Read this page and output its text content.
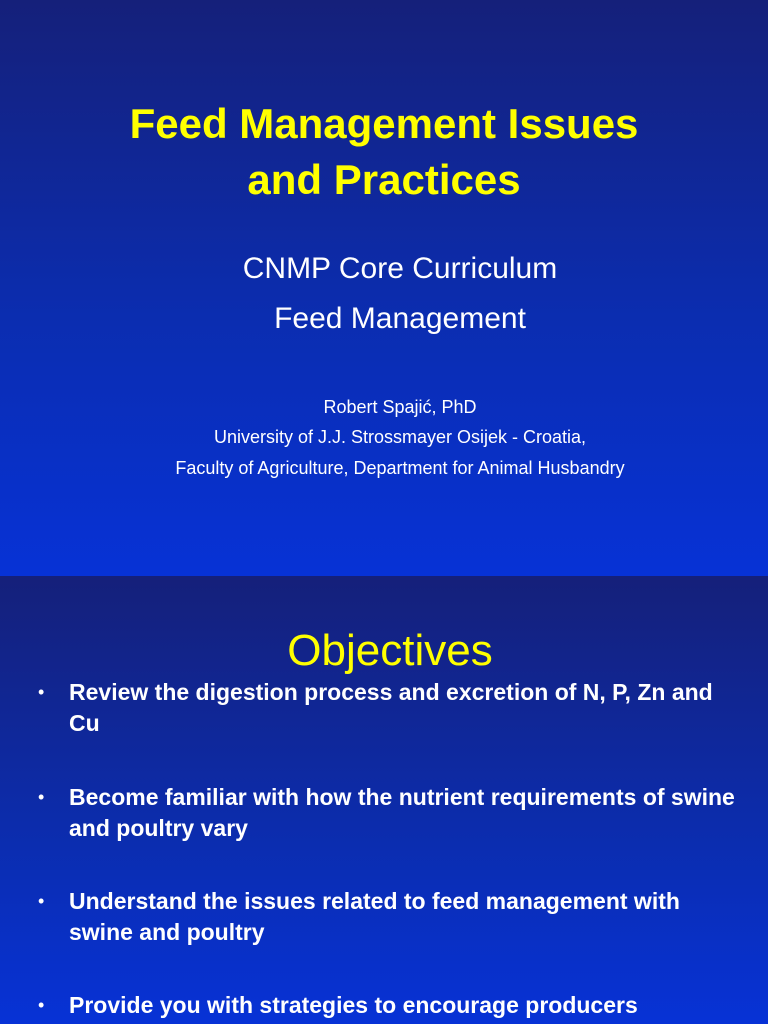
Feed Management Issues
and Practices

CNMP Core Curriculum

Feed Management

Robert Spajić, PhD

University of J.J. Strossmayer Osijek - Croatia,

Faculty of Agriculture, Department for Animal Husbandry

Objectives
• Review the digestion process and excretion of N, P, Zn and Cu
• Become familiar with how the nutrient requirements of swine and poultry vary
• Understand the issues related to feed management with swine and poultry
• Provide you with strategies to encourage producers
